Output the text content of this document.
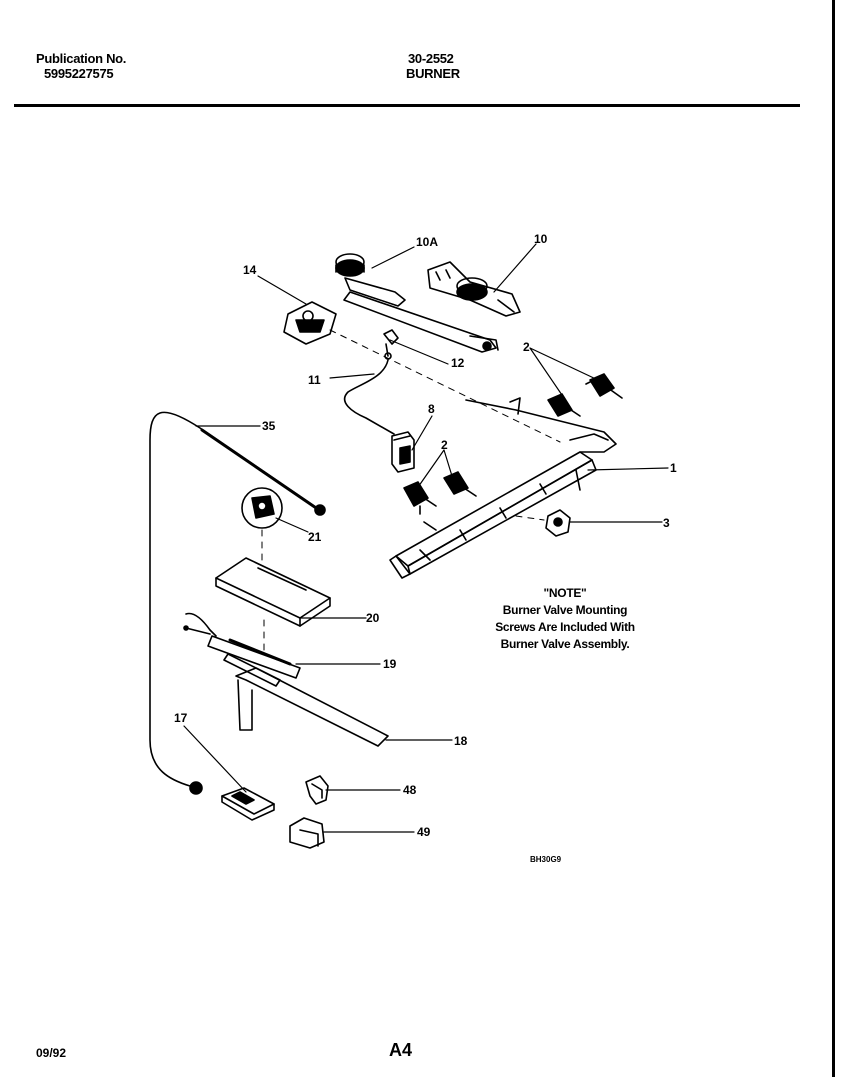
Publication No.
5995227575
30-2552
BURNER
10A	10
14
12
2
11
8
35
2
1
3
21
20
19
18
17
48
49
BH30G9
"NOTE"
Burner Valve Mounting
Screws Are Included With
Burner Valve Assembly.
09/92	A4
